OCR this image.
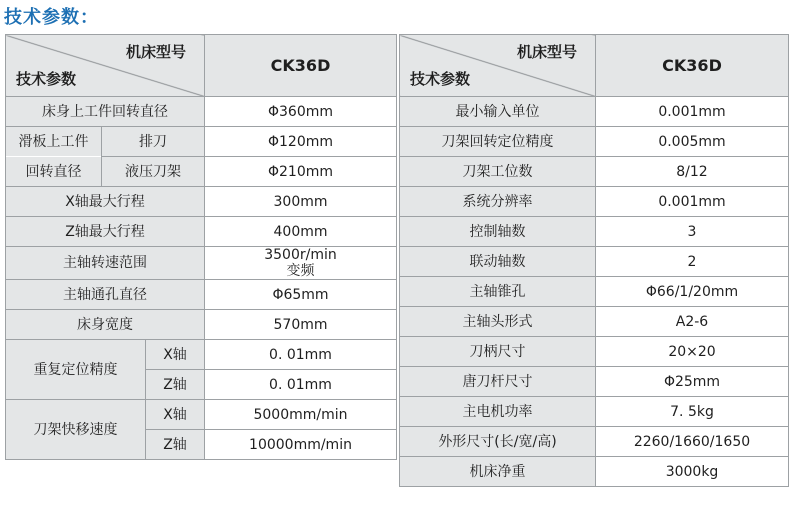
技术参数：
机床型号
技术参数			CK36D
床身上工件回转直径			Φ360mm
滑板上工件	排刀		Φ120mm
回转直径	液压刀架		Φ210mm
X轴最大行程			300mm
Z轴最大行程			400mm
主轴转速范围			3500r/min
变频

主轴通孔直径			Φ65mm
床身宽度			570mm
重复定位精度		X轴	0. 01mm
		Z轴	0. 01mm
刀架快移速度		X轴	5000mm/min
		Z轴	10000mm/min
机床型号
技术参数	CK36D
最小输入单位	0.001mm
刀架回转定位精度	0.005mm
刀架工位数	8/12
系统分辨率	0.001mm
控制轴数	3
联动轴数	2
主轴锥孔	Φ66/1/20mm
主轴头形式	A2-6
刀柄尺寸	20×20
唐刀杆尺寸	Φ25mm
主电机功率	7. 5kg
外形尺寸(长/宽/高)	2260/1660/1650
机床净重	3000kg
